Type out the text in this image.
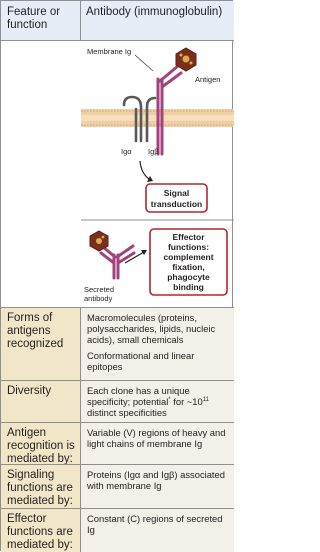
Feature or function
Antibody (immunoglobulin)
Membrane Ig
Antigen
Igα Igβ
Signal
transduction
Effector
functions:
complement
fixation,
phagocyte
binding
Secreted
antibody
Forms of antigens recognized

Macromolecules (proteins, polysaccharides, lipids, nucleic acids), small chemicals

Conformational and linear epitopes

Diversity	Each clone has a unique specificity; potential* for $\sim 10^{11}$ distinct specificities
Antigen recognition is mediated by:
Variable (V) regions of heavy and light chains of membrane Ig
Signaling functions are mediated by:
Proteins (Igα and Igβ) associated with membrane Ig
Effector functions are mediated by:
Constant (C) regions of secreted Ig
